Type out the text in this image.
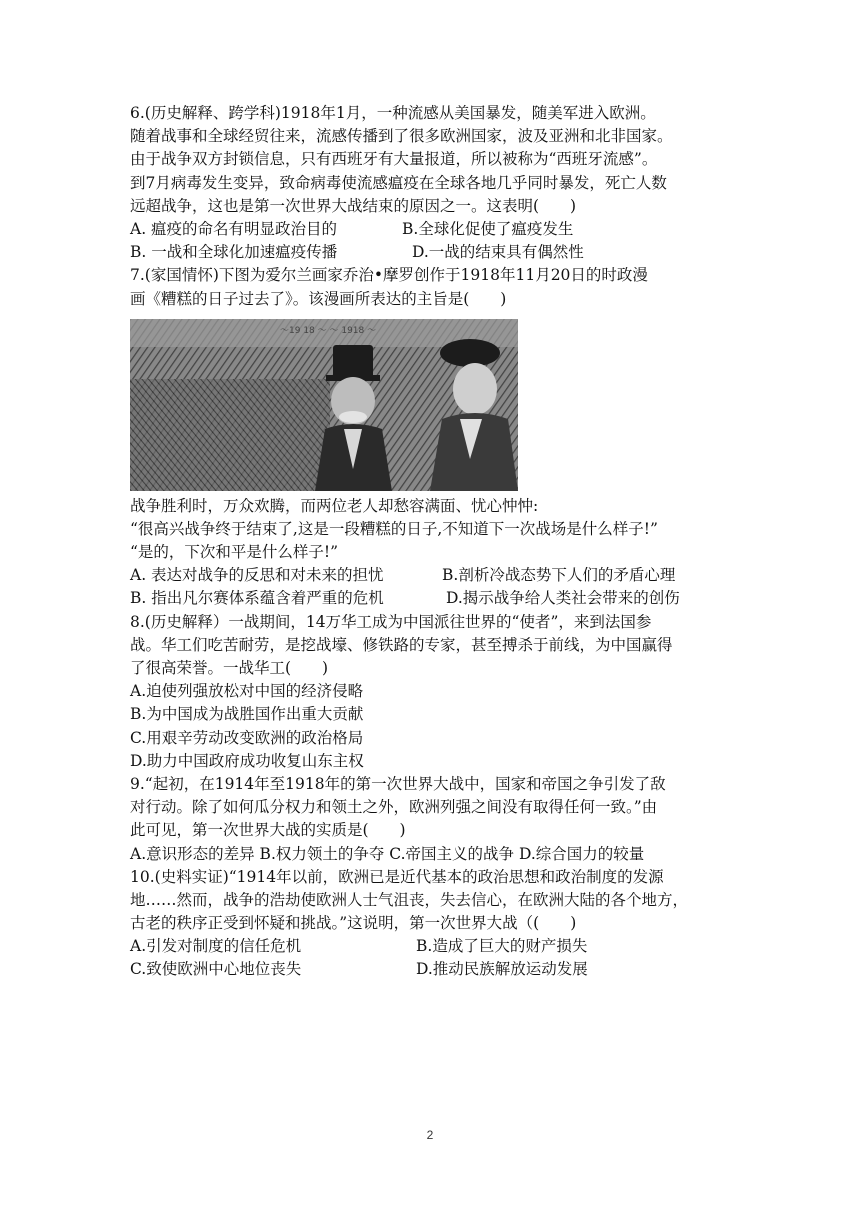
6.(历史解释、跨学科)1918年1月，一种流感从美国暴发，随美军进入欧洲。
随着战事和全球经贸往来，流感传播到了很多欧洲国家，波及亚洲和北非国家。
由于战争双方封锁信息，只有西班牙有大量报道，所以被称为“西班牙流感”。
到7月病毒发生变异，致命病毒使流感瘟疫在全球各地几乎同时暴发，死亡人数
远超战争，这也是第一次世界大战结束的原因之一。这表明(　　)
A. 瘟疫的命名有明显政治目的	B.全球化促使了瘟疫发生
B. 一战和全球化加速瘟疫传播	D.一战的结束具有偶然性
7.(家国情怀)下图为爱尔兰画家乔治•摩罗创作于1918年11月20日的时政漫
画《糟糕的日子过去了》。该漫画所表达的主旨是(　　)
～19 18 ～ ～ 1918 ～
战争胜利时，万众欢腾，而两位老人却愁容满面、忧心忡忡:
“很高兴战争终于结束了,这是一段糟糕的日子,不知道下一次战场是什么样子!”
“是的，下次和平是什么样子!”
A. 表达对战争的反思和对未来的担忧	B.剖析冷战态势下人们的矛盾心理
B. 指出凡尔赛体系蕴含着严重的危机	D.揭示战争给人类社会带来的创伤
8.(历史解释）一战期间，14万华工成为中国派往世界的“使者”，来到法国参
战。华工们吃苦耐劳，是挖战壕、修铁路的专家，甚至搏杀于前线，为中国赢得
了很高荣誉。一战华工(　　)
A.迫使列强放松对中国的经济侵略
B.为中国成为战胜国作出重大贡献
C.用艰辛劳动改变欧洲的政治格局
D.助力中国政府成功收复山东主权
9.“起初，在1914年至1918年的第一次世界大战中，国家和帝国之争引发了敌
对行动。除了如何瓜分权力和领土之外，欧洲列强之间没有取得任何一致。”由
此可见，第一次世界大战的实质是(　　)
A.意识形态的差异 B.权力领土的争夺 C.帝国主义的战争 D.综合国力的较量
10.(史料实证)“1914年以前，欧洲已是近代基本的政治思想和政治制度的发源
地……然而，战争的浩劫使欧洲人士气沮丧，失去信心，在欧洲大陆的各个地方，
古老的秩序正受到怀疑和挑战。”这说明，第一次世界大战（(　　)
A.引发对制度的信任危机	B.造成了巨大的财产损失
C.致使欧洲中心地位丧失	D.推动民族解放运动发展
2
